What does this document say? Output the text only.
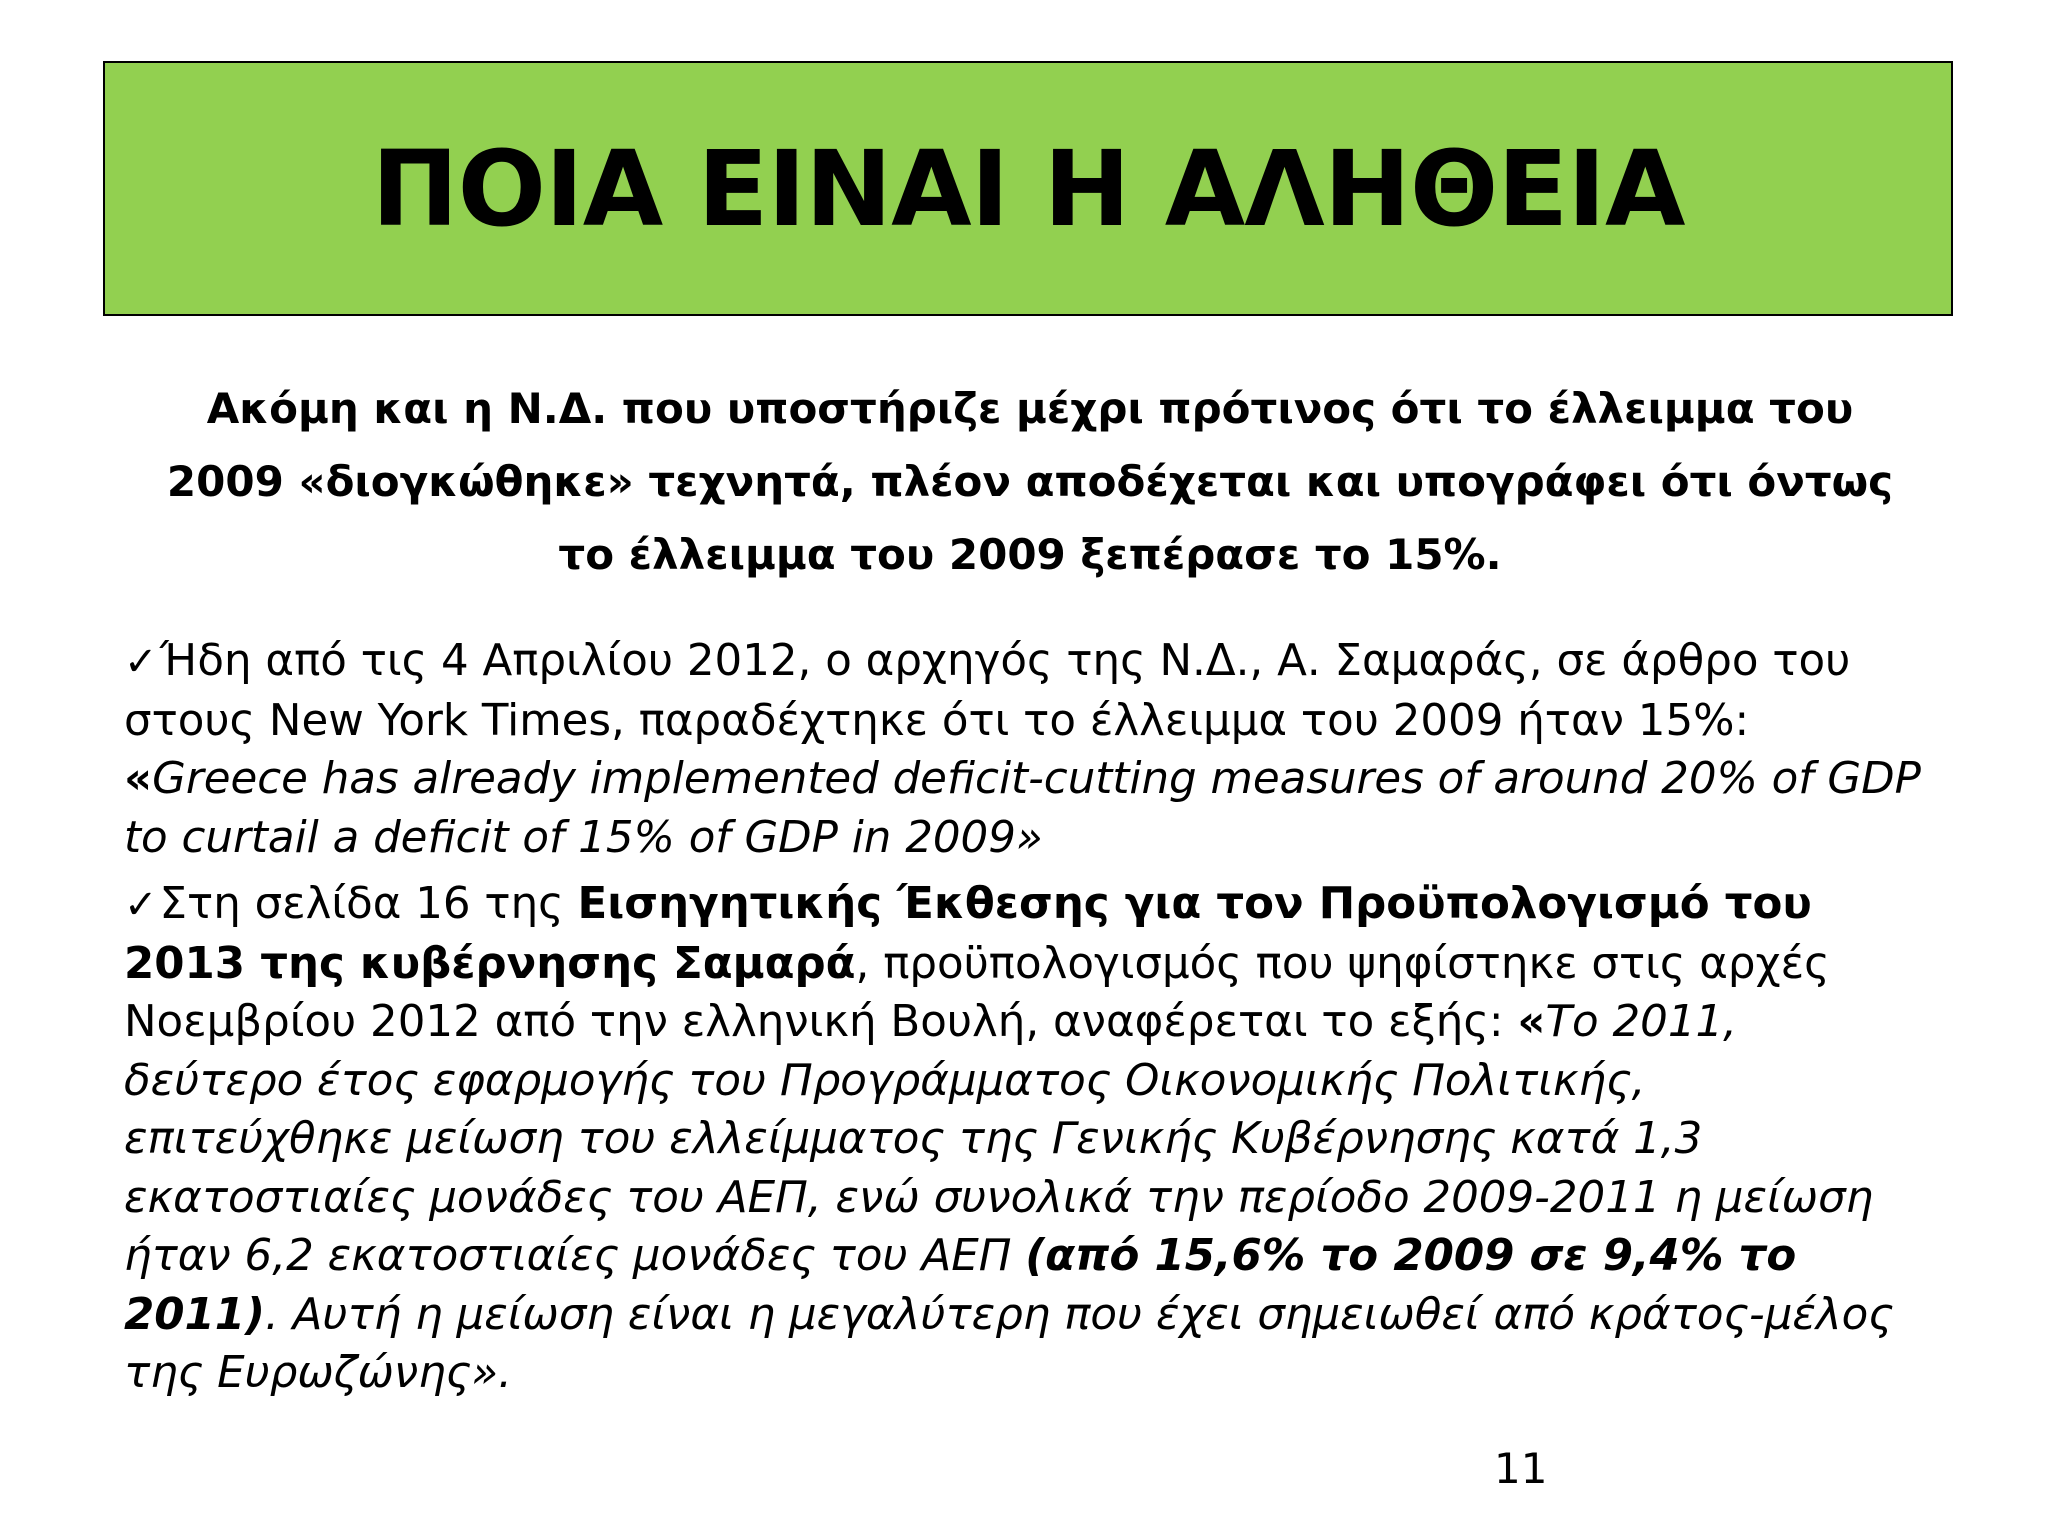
ΠΟΙΑ ΕΙΝΑΙ Η ΑΛΗΘΕΙΑ
Ακόμη και η Ν.Δ. που υποστήριζε μέχρι πρότινος ότι το έλλειμμα του 2009 «διογκώθηκε» τεχνητά, πλέον αποδέχεται και υπογράφει ότι όντως το έλλειμμα του 2009 ξεπέρασε το 15%.

✓Ήδη από τις 4 Απριλίου 2012, ο αρχηγός της Ν.Δ., Α. Σαμαράς, σε άρθρο του στους New York Times, παραδέχτηκε ότι το έλλειμμα του 2009 ήταν 15%: «Greece has already implemented deficit-cutting measures of around 20% of GDP to curtail a deficit of 15% of GDP in 2009»

✓Στη σελίδα 16 της Εισηγητικής Έκθεσης για τον Προϋπολογισμό του 2013 της κυβέρνησης Σαμαρά, προϋπολογισμός που ψηφίστηκε στις αρχές Νοεμβρίου 2012 από την ελληνική Βουλή, αναφέρεται το εξής: «Το 2011, δεύτερο έτος εφαρμογής του Προγράμματος Οικονομικής Πολιτικής, επιτεύχθηκε μείωση του ελλείμματος της Γενικής Κυβέρνησης κατά 1,3 εκατοστιαίες μονάδες του ΑΕΠ, ενώ συνολικά την περίοδο 2009-2011 η μείωση ήταν 6,2 εκατοστιαίες μονάδες του ΑΕΠ (από 15,6% το 2009 σε 9,4% το 2011). Αυτή η μείωση είναι η μεγαλύτερη που έχει σημειωθεί από κράτος-μέλος της Ευρωζώνης».

11
